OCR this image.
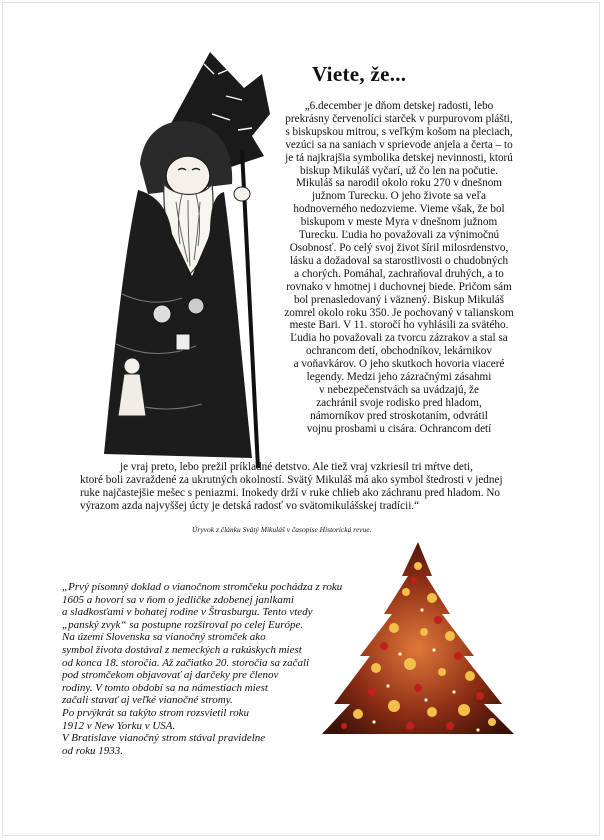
Viete, že...
„6.december je dňom detskej radosti, lebo
prekrásny červenolíci starček v purpurovom plášti,
s biskupskou mitrou, s veľkým košom na pleciach,
vezúci sa na saniach v sprievode anjela a čerta – to
je tá najkrajšia symbolika detskej nevinnosti, ktorú
biskup Mikuláš vyčarí, už čo len na počutie.
Mikuláš sa narodil okolo roku 270 v dnešnom
južnom Turecku. O jeho živote sa veľa
hodnoverného nedozvieme. Vieme však, že bol
biskupom v meste Myra v dnešnom južnom
Turecku. Ľudia ho považovali za výnimočnú
Osobnosť. Po celý svoj život šíril milosrdenstvo,
lásku a dožadoval sa starostlivosti o chudobných
a chorých. Pomáhal, zachraňoval druhých, a to
rovnako v hmotnej i duchovnej biede. Pričom sám
bol prenasledovaný i väznený. Biskup Mikuláš
zomrel okolo roku 350. Je pochovaný v talianskom
meste Bari. V 11. storočí ho vyhlásili za svätého.
Ľudia ho považovali za tvorcu zázrakov a stal sa
ochrancom detí, obchodníkov, lekárnikov
a voňavkárov. O jeho skutkoch hovoria viaceré
legendy. Medzi jeho zázračnými zásahmi
v nebezpečenstvách sa uvádzajú, že
zachránil svoje rodisko pred hladom,
námorníkov pred stroskotaním, odvrátil
vojnu prosbami u cisára. Ochrancom detí
je vraj preto, lebo prežil príkladné detstvo. Ale tiež vraj vzkriesil tri mŕtve deti,
ktoré boli zavraždené za ukrutných okolností. Svätý Mikuláš má ako symbol štedrosti v jednej
ruke najčastejšie mešec s peniazmi. Inokedy drží v ruke chlieb ako záchranu pred hladom. No
výrazom azda najvyššej úcty je detská radosť vo svätomikulášskej tradícii.“
Úryvok z článku Svätý Mikuláš v časopise Historická revue.
„Prvý písomný doklad o vianočnom stromčeku pochádza z roku
1605 a hovorí sa v ňom o jedličke zdobenej janlkami
a sladkosťami v bohatej rodine v Štrasburgu. Tento vtedy
„panský zvyk“ sa postupne rozširoval po celej Európe.
Na území Slovenska sa vianočný stromček ako
symbol života dostával z nemeckých a rakúskych miest
od konca 18. storočia. Až začiatko 20. storočia sa začali
pod stromčekom objavovať aj darčeky pre členov
rodiny. V tomto období sa na námestiach miest
začali stavať aj veľké vianočné stromy.
Po prvýkrát sa takýto strom rozsvietil roku
1912 v New Yorku v USA.
V Bratislave vianočný strom stával pravidelne
od roku 1933.
